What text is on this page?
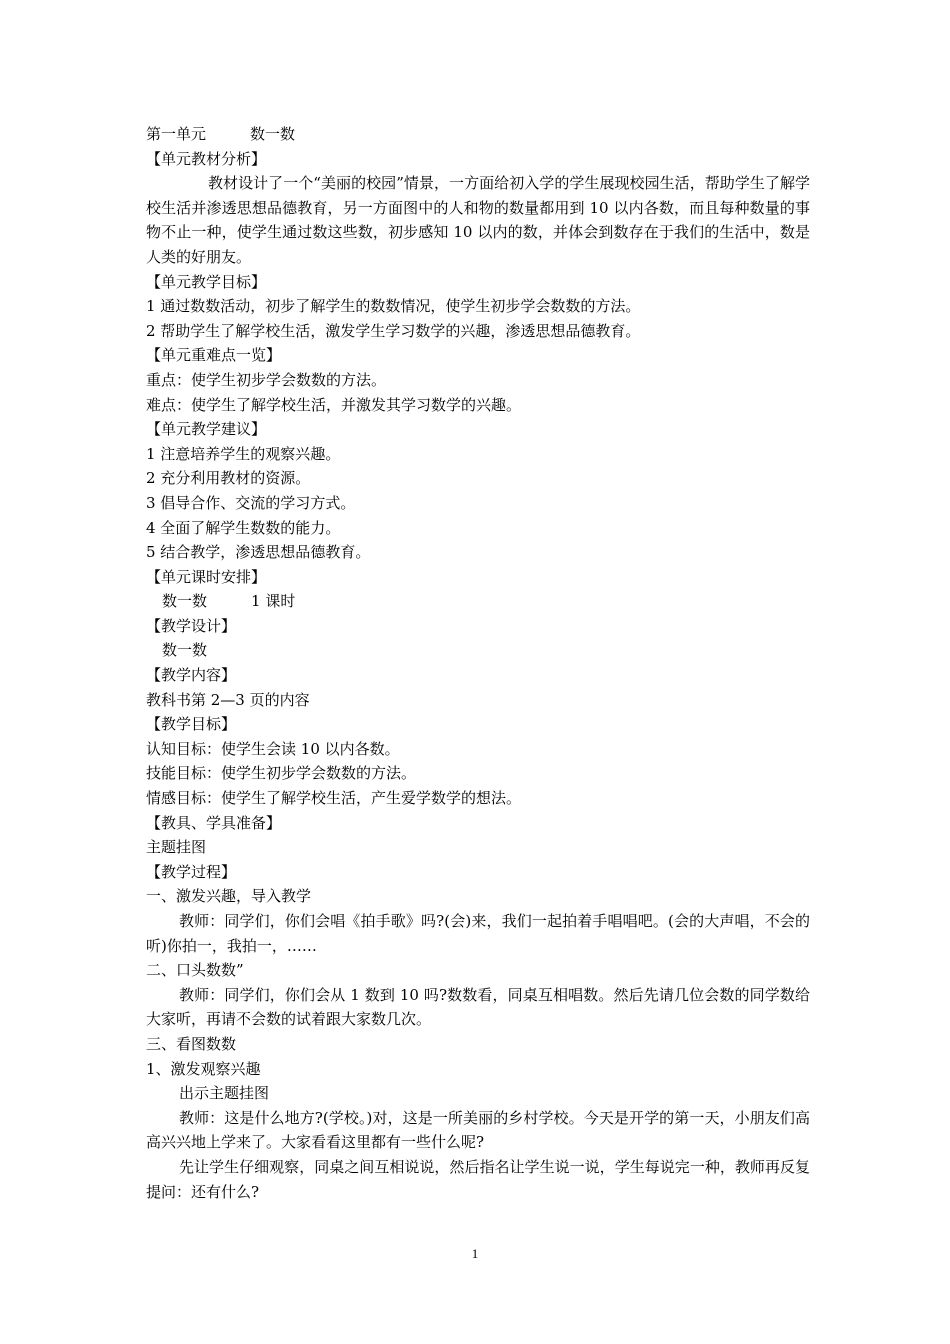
第一单元	数一数
【单元教材分析】
教材设计了一个“美丽的校园”情景，一方面给初入学的学生展现校园生活，帮助学生了解学校生活并渗透思想品德教育，另一方面图中的人和物的数量都用到 10 以内各数，而且每种数量的事物不止一种，使学生通过数这些数，初步感知 10 以内的数，并体会到数存在于我们的生活中，数是人类的好朋友。
【单元教学目标】
1 通过数数活动，初步了解学生的数数情况，使学生初步学会数数的方法。
2 帮助学生了解学校生活，激发学生学习数学的兴趣，渗透思想品德教育。
【单元重难点一览】
重点：使学生初步学会数数的方法。
难点：使学生了解学校生活，并激发其学习数学的兴趣。
【单元教学建议】
1 注意培养学生的观察兴趣。
2 充分利用教材的资源。
3 倡导合作、交流的学习方式。
4 全面了解学生数数的能力。
5 结合教学，渗透思想品德教育。
【单元课时安排】
数一数	1 课时
【教学设计】
数一数
【教学内容】
教科书第 2—3 页的内容
【教学目标】
认知目标：使学生会读 10 以内各数。
技能目标：使学生初步学会数数的方法。
情感目标：使学生了解学校生活，产生爱学数学的想法。
【教具、学具准备】
主题挂图
【教学过程】
一、激发兴趣，导入教学
教师：同学们，你们会唱《拍手歌》吗?(会)来，我们一起拍着手唱唱吧。(会的大声唱，不会的听)你拍一，我拍一，……
二、口头数数”
教师：同学们，你们会从 1 数到 10 吗?数数看，同桌互相唱数。然后先请几位会数的同学数给大家听，再请不会数的试着跟大家数几次。
三、看图数数
1、激发观察兴趣
出示主题挂图
教师：这是什么地方?(学校。)对，这是一所美丽的乡村学校。今天是开学的第一天，小朋友们高高兴兴地上学来了。大家看看这里都有一些什么呢?
先让学生仔细观察，同桌之间互相说说，然后指名让学生说一说，学生每说完一种，教师再反复提问：还有什么?
1
